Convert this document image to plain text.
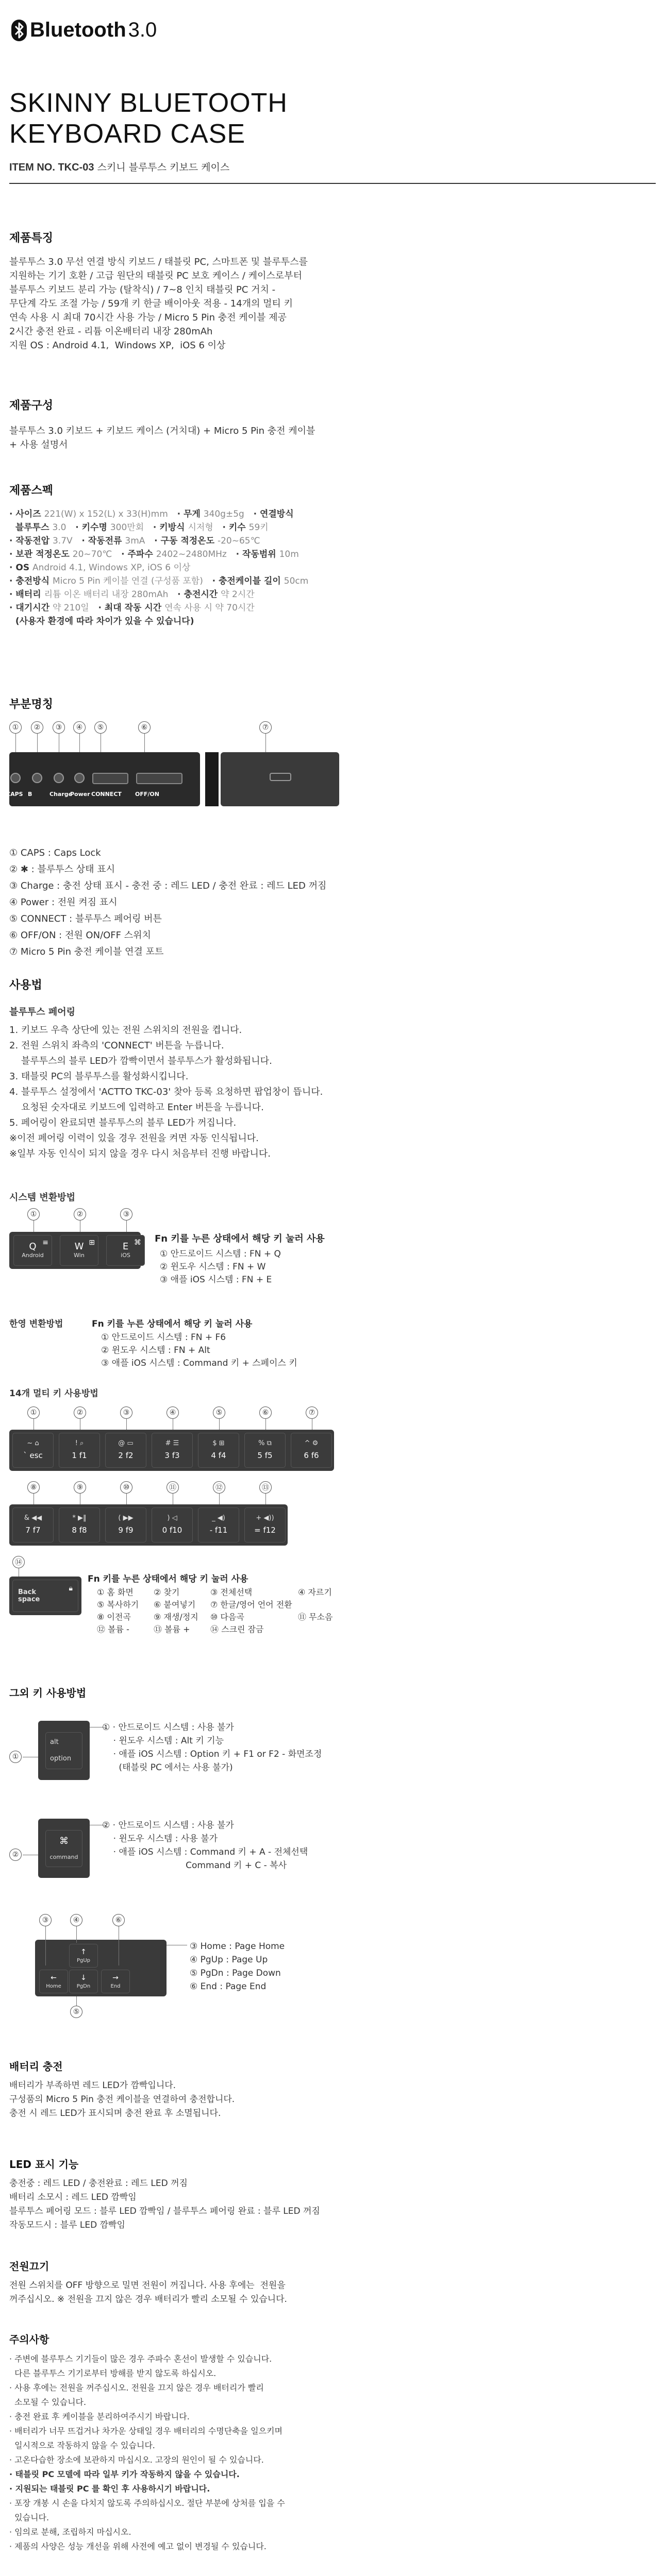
Bluetooth 3.0
SKINNY BLUETOOTH
KEYBOARD CASE
ITEM NO. TKC-03 스키니 블루투스 키보드 케이스
제품특징
블루투스 3.0 무선 연결 방식 키보드 / 태블릿 PC, 스마트폰 및 블루투스를
지원하는 기기 호환 / 고급 원단의 태블릿 PC 보호 케이스 / 케이스로부터
블루투스 키보드 분리 가능 (탈착식) / 7~8 인치 태블릿 PC 거치 -
무단계 각도 조절 가능 / 59개 키 한글 배이아웃 적용 - 14개의 멀티 키
연속 사용 시 최대 70시간 사용 가능 / Micro 5 Pin 충전 케이블 제공
2시간 충전 완료 - 리튬 이온배터리 내장 280mAh
지원 OS : Android 4.1,  Windows XP,  iOS 6 이상
제품구성
블루투스 3.0 키보드 + 키보드 케이스 (거치대) + Micro 5 Pin 충전 케이블
+ 사용 설명서
제품스펙
· 사이즈 221(W) x 152(L) x 33(H)mm   · 무게 340g±5g   · 연결방식
블루투스 3.0   · 키수명 300만회   · 키방식 시저형   · 키수 59키
· 작동전압 3.7V   · 작동전류 3mA   · 구동 적정온도 -20~65℃
· 보관 적정온도 20~70℃   · 주파수 2402~2480MHz   · 작동범위 10m
· OS Android 4.1, Windows XP, iOS 6 이상
· 충전방식 Micro 5 Pin 케이블 연결 (구성품 포함)   · 충전케이블 길이 50cm
· 배터리 리튬 이온 배터리 내장 280mAh   · 충전시간 약 2시간
· 대기시간 약 210일   · 최대 작동 시간 연속 사용 시 약 70시간
(사용자 환경에 따라 차이가 있을 수 있습니다)
부분명칭
①	②	③	④	⑤	⑥	⑦
CAPS B	Charge
Power CONNECT OFF/ON
① CAPS : Caps Lock
② ✱ : 블루투스 상태 표시
③ Charge : 충전 상태 표시 - 충전 중 : 레드 LED / 충전 완료 : 레드 LED 꺼짐
④ Power : 전원 켜짐 표시
⑤ CONNECT : 블루투스 페어링 버튼
⑥ OFF/ON : 전원 ON/OFF 스위치
⑦ Micro 5 Pin 충전 케이블 연결 포트
사용법
블루투스 페어링
1. 키보드 우측 상단에 있는 전원 스위치의 전원을 켭니다.
2. 전원 스위치 좌측의 'CONNECT' 버튼을 누릅니다.
블루투스의 블루 LED가 깜빡이면서 블루투스가 활성화됩니다.
3. 태블릿 PC의 블루투스를 활성화시킵니다.
4. 블루투스 설정에서 'ACTTO TKC-03' 찾아 등록 요청하면 팝업창이 뜹니다.
요청된 숫자대로 키보드에 입력하고 Enter 버튼을 누릅니다.
5. 페어링이 완료되면 블루투스의 블루 LED가 꺼집니다.
※이전 페어링 이력이 있을 경우 전원을 켜면 자동 인식됩니다.
※일부 자동 인식이 되지 않을 경우 다시 처음부터 진행 바랍니다.
시스템 변환방법
①	②	③
Q
Android
≡	W
Win
⊞	E
iOS
⌘ Fn 키를 누른 상태에서 해당 키 눌러 사용
① 안드로이드 시스템 : FN + Q
② 윈도우 시스템 : FN + W
③ 애플 iOS 시스템 : FN + E
한영 변환방법	Fn 키를 누른 상태에서 해당 키 눌러 사용
① 안드로이드 시스템 : FN + F6
② 윈도우 시스템 : FN + Alt
③ 애플 iOS 시스템 : Command 키 + 스페이스 키
14개 멀티 키 사용방법
①
~ ⌂
` esc
②
! ⌕
1 f1
③
@ ▭
2 f2
④
# ☰
3 f3
⑤
$ ⊞
4 f4
⑥
% ⧉
5 f5
⑦
^ ⚙
6 f6
⑧
& ◀◀
7 f7
⑨
* ▶‖
8 f8
⑩
( ▶▶
9 f9
⑪
) ◁
0 f10
⑫
_ ◀)
- f11
⑬
+ ◀))
= f12
⑭
Back
space
🔒︎
Fn 키를 누른 상태에서 해당 키 눌러 사용
① 홈 화면	② 찾기	③ 전체선택	④ 자르기
⑤ 복사하기	⑥ 붙여넣기	⑦ 한글/영어 언어 전환
⑧ 이전곡	⑨ 재생/정지	⑩ 다음곡	⑪ 무소음
⑫ 볼륨 -	⑬ 볼륨 +	⑭ 스크린 잠금
그외 키 사용방법
①
alt
option
① · 안드로이드 시스템 : 사용 불가
· 윈도우 시스템 : Alt 키 기능
· 애플 iOS 시스템 : Option 키 + F1 or F2 - 화면조정
(태블릿 PC 에서는 사용 불가)
②
⌘
command
② · 안드로이드 시스템 : 사용 불가
· 윈도우 시스템 : 사용 불가
· 애플 iOS 시스템 : Command 키 + A - 전체선택
Command 키 + C - 복사
←
Home
↑
PgUp
↓
PgDn
→
End
③ Home : Page Home
④ PgUp : Page Up
⑤ PgDn : Page Down
⑥ End : Page End
③	④	⑥
⑤
배터리 충전
배터리가 부족하면 레드 LED가 깜빡입니다.
구성품의 Micro 5 Pin 충전 케이블을 연결하여 충전합니다.
충전 시 레드 LED가 표시되며 충전 완료 후 소멸됩니다.
LED 표시 기능
충전중 : 레드 LED / 충전완료 : 레드 LED 꺼짐
배터리 소모시 : 레드 LED 깜빡임
블루투스 페어링 모드 : 블루 LED 깜빡임 / 블루투스 페어링 완료 : 블루 LED 꺼짐
작동모드시 : 블루 LED 깜빡임
전원끄기
전원 스위치를 OFF 방향으로 밀면 전원이 꺼집니다. 사용 후에는  전원을
꺼주십시오. ※ 전원을 끄지 않은 경우 배터리가 빨리 소모될 수 있습니다.
주의사항
· 주변에 블루투스 기기들이 많은 경우 주파수 혼선이 발생할 수 있습니다.
다른 블루투스 기기로부터 방해를 받지 않도록 하십시오.
· 사용 후에는 전원을 꺼주십시오. 전원을 끄지 않은 경우 배터리가 빨리
소모될 수 있습니다.
· 충전 완료 후 케이블을 분리하여주시기 바랍니다.
· 배터리가 너무 뜨겁거나 차가운 상태일 경우 배터리의 수명단축을 일으키며
일시적으로 작동하지 않을 수 있습니다.
· 고온다습한 장소에 보관하지 마십시오. 고장의 원인이 될 수 있습니다.
· 태블릿 PC 모델에 따라 일부 키가 작동하지 않을 수 있습니다.
· 지원되는 태블릿 PC 를 확인 후 사용하시기 바랍니다.
· 포장 개봉 시 손을 다치지 않도록 주의하십시오. 절단 부분에 상처를 입을 수
있습니다.
· 임의로 분해, 조립하지 마십시오.
· 제품의 사양은 성능 개선을 위해 사전에 예고 없이 변경될 수 있습니다.
